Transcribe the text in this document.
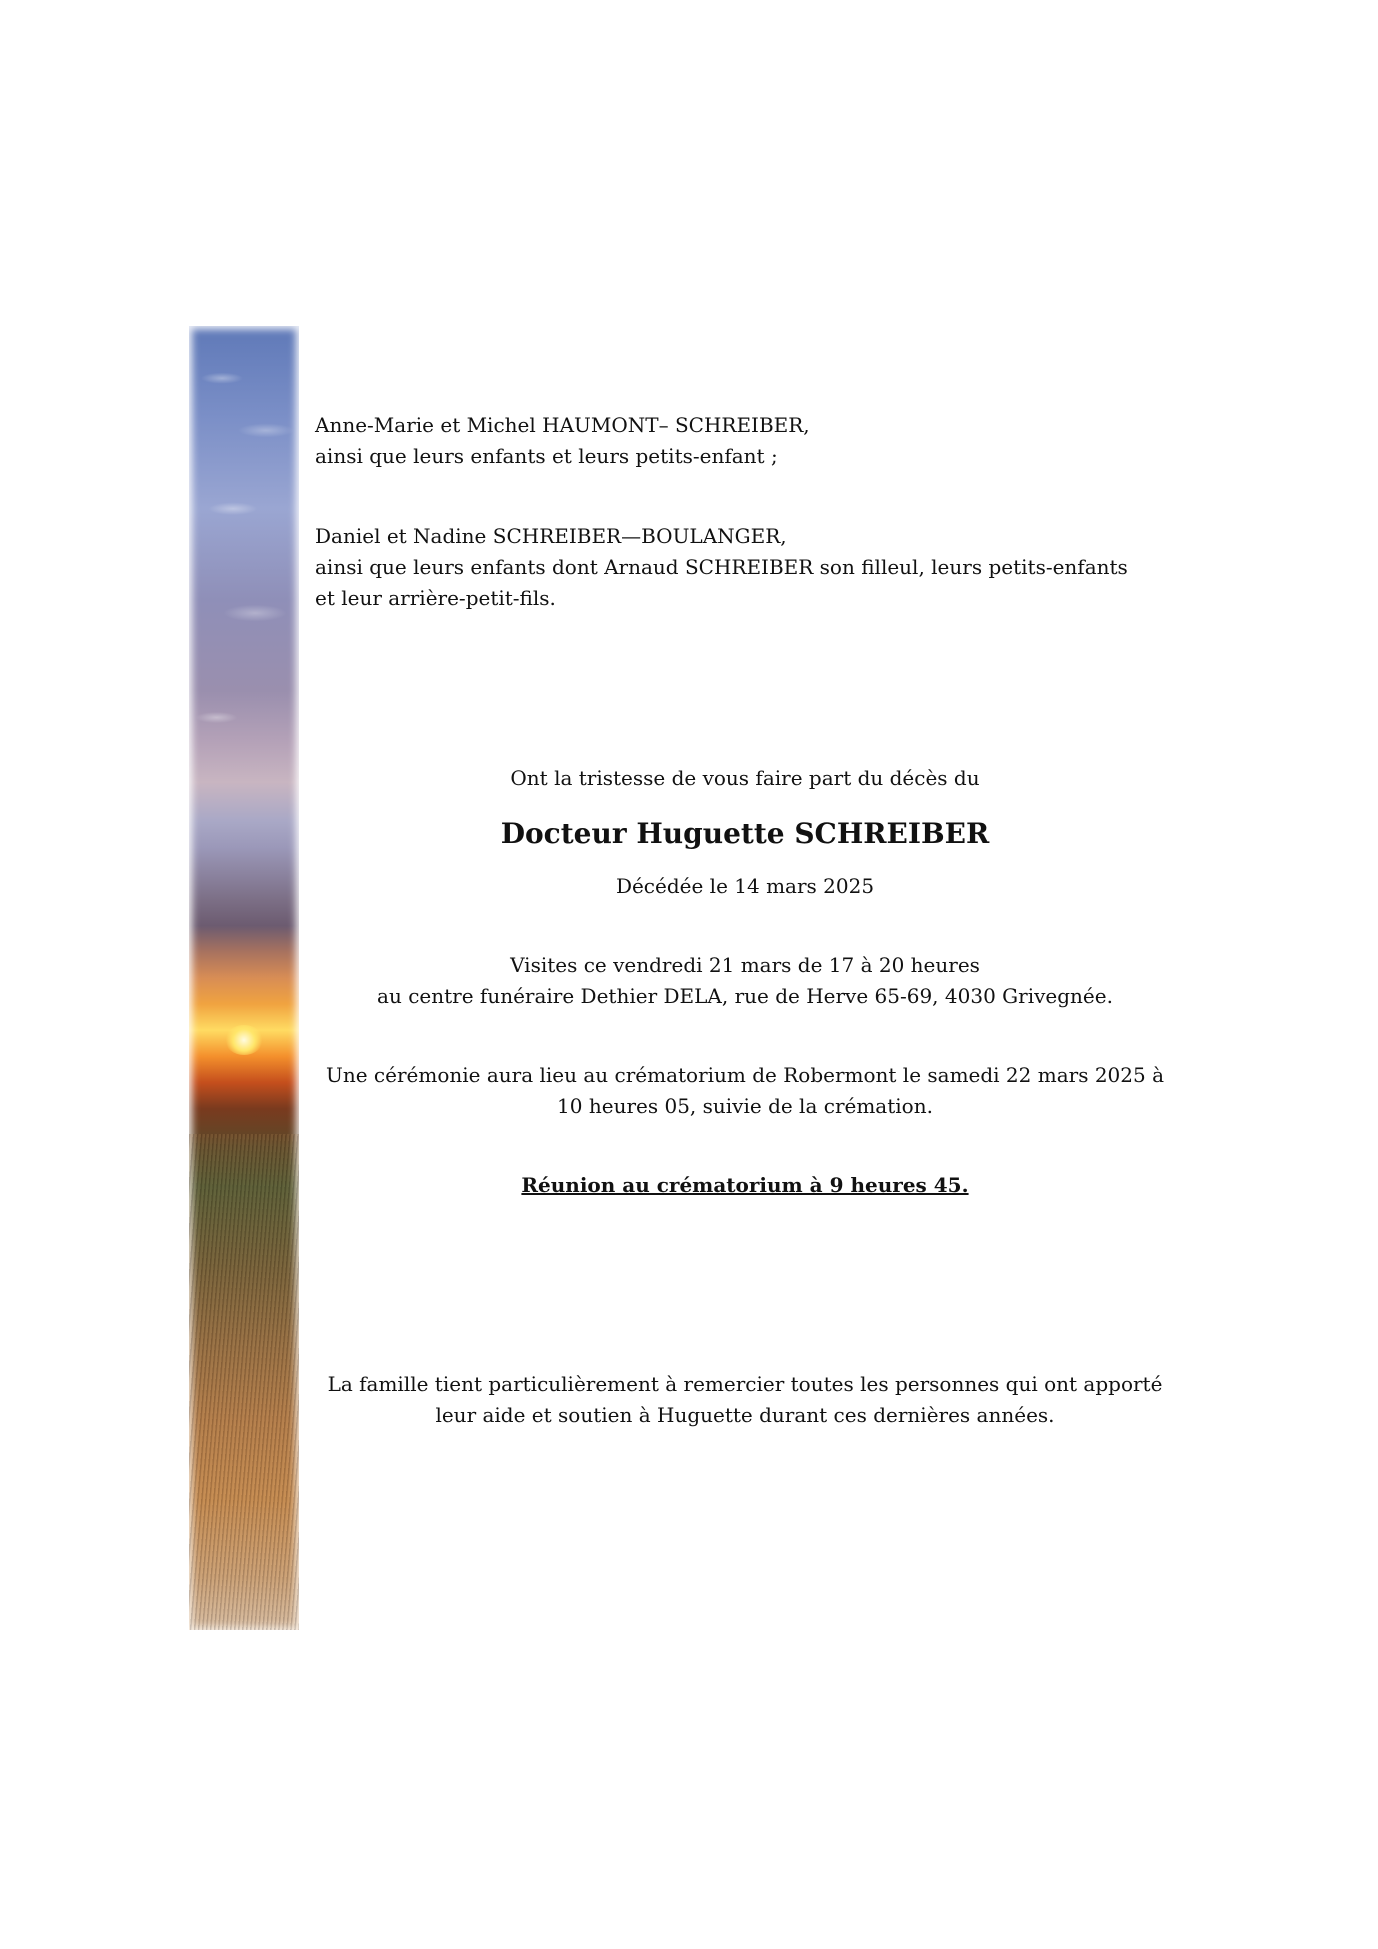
Anne-Marie et Michel HAUMONT– SCHREIBER,

ainsi que leurs enfants et leurs petits-enfant ;

Daniel et Nadine SCHREIBER—BOULANGER,

ainsi que leurs enfants dont Arnaud SCHREIBER son filleul, leurs petits-enfants

et leur arrière-petit-fils.

Ont la tristesse de vous faire part du décès du

Docteur Huguette SCHREIBER

Décédée le 14 mars 2025

Visites ce vendredi 21 mars de 17 à 20 heures

au centre funéraire Dethier DELA, rue de Herve 65-69, 4030 Grivegnée.

Une cérémonie aura lieu au crématorium de Robermont le samedi 22 mars 2025 à

10 heures 05, suivie de la crémation.

Réunion au crématorium à 9 heures 45.

La famille tient particulièrement à remercier toutes les personnes qui ont apporté

leur aide et soutien à Huguette durant ces dernières années.
